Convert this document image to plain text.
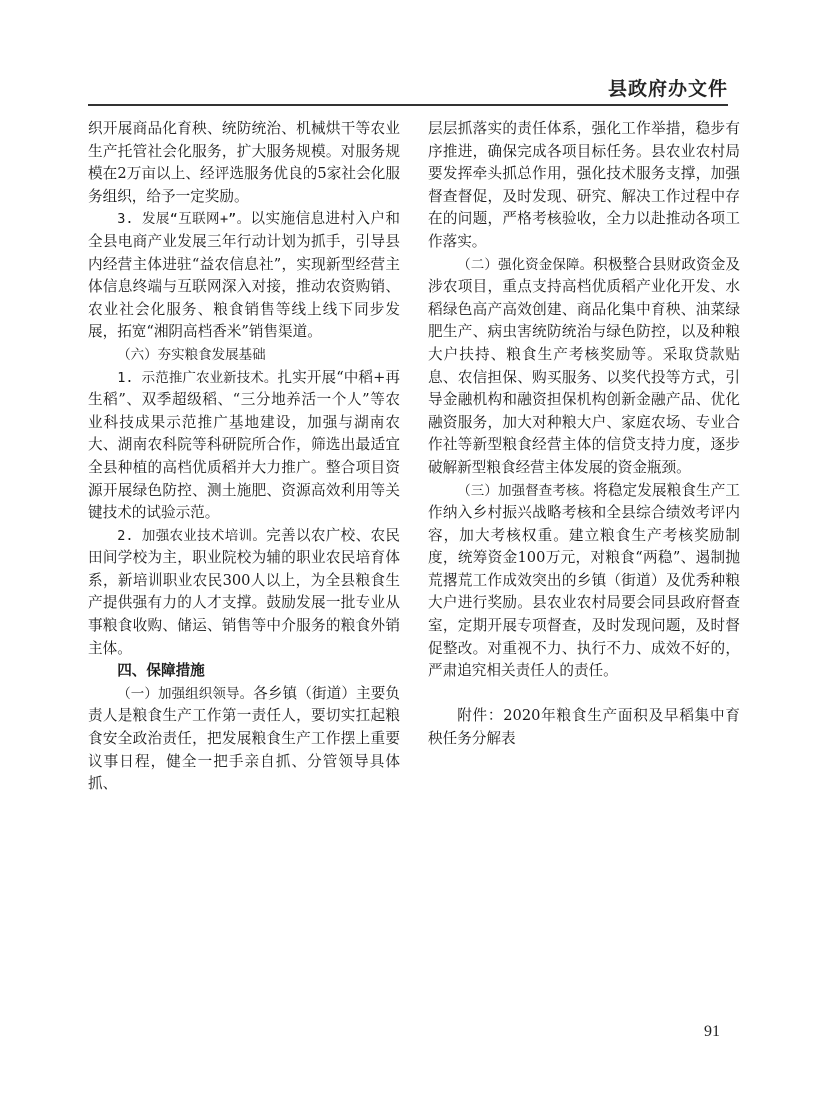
县政府办文件

织开展商品化育秧、统防统治、机械烘干等农业生产托管社会化服务，扩大服务规模。对服务规模在2万亩以上、经评选服务优良的5家社会化服务组织，给予一定奖励。

3. 发展“互联网+”。以实施信息进村入户和全县电商产业发展三年行动计划为抓手，引导县内经营主体进驻“益农信息社”，实现新型经营主体信息终端与互联网深入对接，推动农资购销、农业社会化服务、粮食销售等线上线下同步发展，拓宽“湘阴高档香米”销售渠道。

（六）夯实粮食发展基础

1. 示范推广农业新技术。扎实开展“中稻+再生稻”、双季超级稻、“三分地养活一个人”等农业科技成果示范推广基地建设，加强与湖南农大、湖南农科院等科研院所合作，筛选出最适宜全县种植的高档优质稻并大力推广。整合项目资源开展绿色防控、测土施肥、资源高效利用等关键技术的试验示范。

2. 加强农业技术培训。完善以农广校、农民田间学校为主，职业院校为辅的职业农民培育体系，新培训职业农民300人以上，为全县粮食生产提供强有力的人才支撑。鼓励发展一批专业从事粮食收购、储运、销售等中介服务的粮食外销主体。

四、保障措施

（一）加强组织领导。各乡镇（街道）主要负责人是粮食生产工作第一责任人，要切实扛起粮食安全政治责任，把发展粮食生产工作摆上重要议事日程，健全一把手亲自抓、分管领导具体抓、

层层抓落实的责任体系，强化工作举措，稳步有序推进，确保完成各项目标任务。县农业农村局要发挥牵头抓总作用，强化技术服务支撑，加强督查督促，及时发现、研究、解决工作过程中存在的问题，严格考核验收，全力以赴推动各项工作落实。

（二）强化资金保障。积极整合县财政资金及涉农项目，重点支持高档优质稻产业化开发、水稻绿色高产高效创建、商品化集中育秧、油菜绿肥生产、病虫害统防统治与绿色防控，以及种粮大户扶持、粮食生产考核奖励等。采取贷款贴息、农信担保、购买服务、以奖代投等方式，引导金融机构和融资担保机构创新金融产品、优化融资服务，加大对种粮大户、家庭农场、专业合作社等新型粮食经营主体的信贷支持力度，逐步破解新型粮食经营主体发展的资金瓶颈。

（三）加强督查考核。将稳定发展粮食生产工作纳入乡村振兴战略考核和全县综合绩效考评内容，加大考核权重。建立粮食生产考核奖励制度，统筹资金100万元，对粮食“两稳”、遏制抛荒撂荒工作成效突出的乡镇（街道）及优秀种粮大户进行奖励。县农业农村局要会同县政府督查室，定期开展专项督查，及时发现问题，及时督促整改。对重视不力、执行不力、成效不好的，严肃追究相关责任人的责任。

附件：2020年粮食生产面积及早稻集中育秧任务分解表

91
